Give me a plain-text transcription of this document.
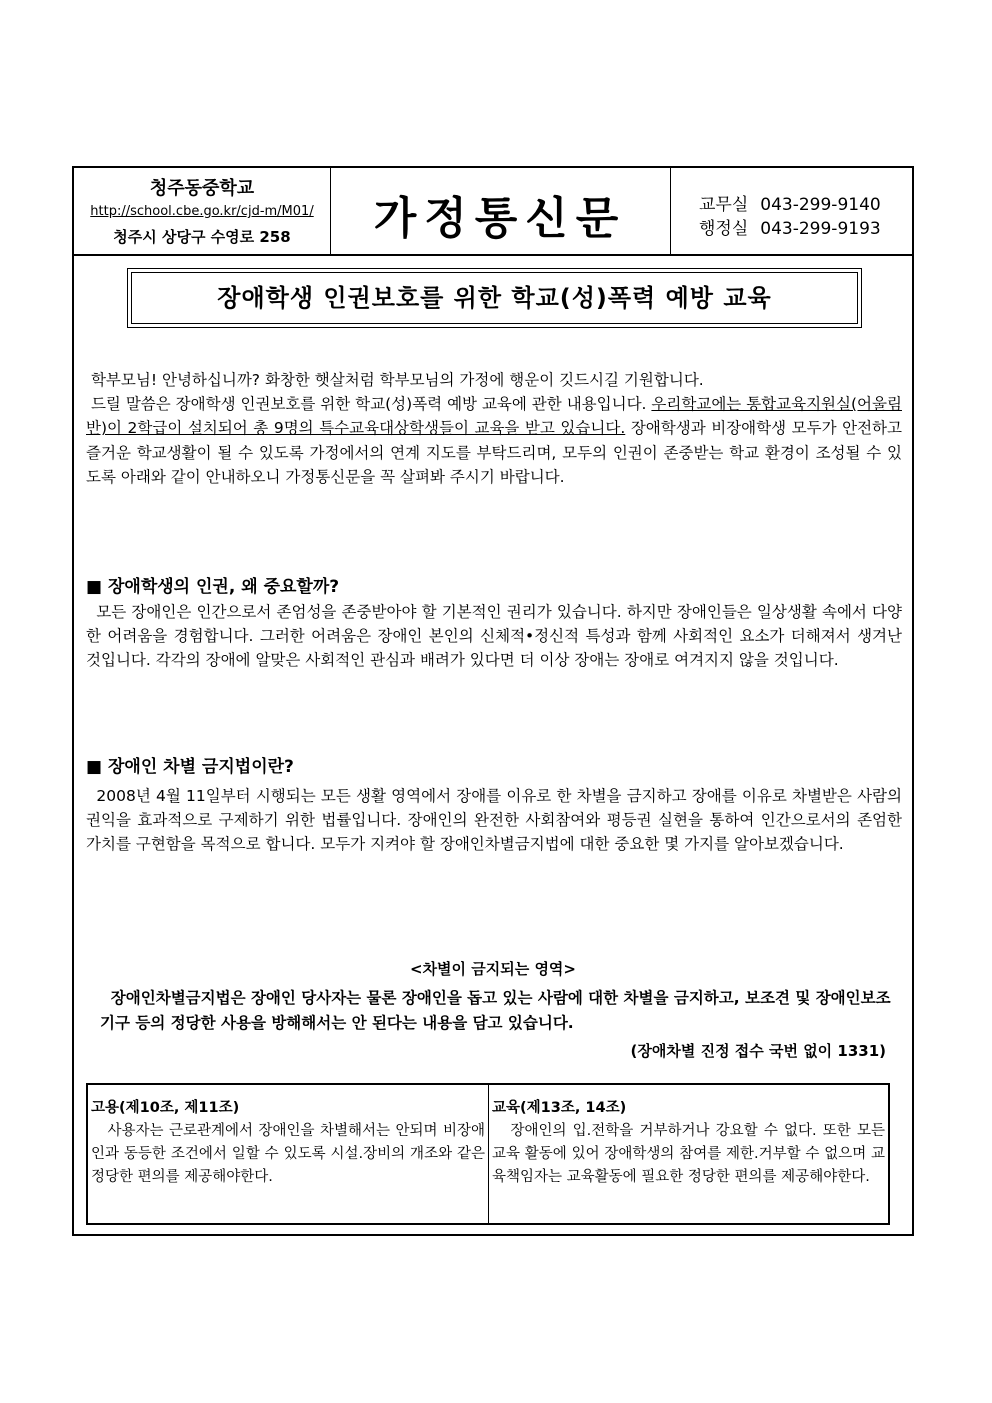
청주동중학교
http://school.cbe.go.kr/cjd-m/M01/
청주시 상당구 수영로 258	가정통신문	교무실 043-299-9140
행정실 043-299-9193
장애학생 인권보호를 위한 학교(성)폭력 예방 교육
학부모님! 안녕하십니까? 화창한 햇살처럼 학부모님의 가정에 행운이 깃드시길 기원합니다.
드릴 말씀은 장애학생 인권보호를 위한 학교(성)폭력 예방 교육에 관한 내용입니다. 우리학교에는 통합교육지원실(어울림반)이 2학급이 설치되어 총 9명의 특수교육대상학생들이 교육을 받고 있습니다. 장애학생과 비장애학생 모두가 안전하고 즐거운 학교생활이 될 수 있도록 가정에서의 연계 지도를 부탁드리며, 모두의 인권이 존중받는 학교 환경이 조성될 수 있도록 아래와 같이 안내하오니 가정통신문을 꼭 살펴봐 주시기 바랍니다.
■ 장애학생의 인권, 왜 중요할까?
모든 장애인은 인간으로서 존엄성을 존중받아야 할 기본적인 권리가 있습니다. 하지만 장애인들은 일상생활 속에서 다양한 어려움을 경험합니다. 그러한 어려움은 장애인 본인의 신체적•정신적 특성과 함께 사회적인 요소가 더해져서 생겨난 것입니다. 각각의 장애에 알맞은 사회적인 관심과 배려가 있다면 더 이상 장애는 장애로 여겨지지 않을 것입니다.
■ 장애인 차별 금지법이란?
2008년 4월 11일부터 시행되는 모든 생활 영역에서 장애를 이유로 한 차별을 금지하고 장애를 이유로 차별받은 사람의 권익을 효과적으로 구제하기 위한 법률입니다. 장애인의 완전한 사회참여와 평등권 실현을 통하여 인간으로서의 존엄한 가치를 구현함을 목적으로 합니다. 모두가 지켜야 할 장애인차별금지법에 대한 중요한 몇 가지를 알아보겠습니다.
<차별이 금지되는 영역>
장애인차별금지법은 장애인 당사자는 물론 장애인을 돕고 있는 사람에 대한 차별을 금지하고, 보조견 및 장애인보조기구 등의 정당한 사용을 방해해서는 안 된다는 내용을 담고 있습니다.
(장애차별 진정 접수 국번 없이 1331)
고용(제10조, 제11조)
사용자는 근로관계에서 장애인을 차별해서는 안되며 비장애인과 동등한 조건에서 일할 수 있도록 시설.장비의 개조와 같은 정당한 편의를 제공해야한다.
교육(제13조, 14조)
장애인의 입.전학을 거부하거나 강요할 수 없다. 또한 모든 교육 활동에 있어 장애학생의 참여를 제한.거부할 수 없으며 교육책임자는 교육활동에 필요한 정당한 편의를 제공해야한다.
